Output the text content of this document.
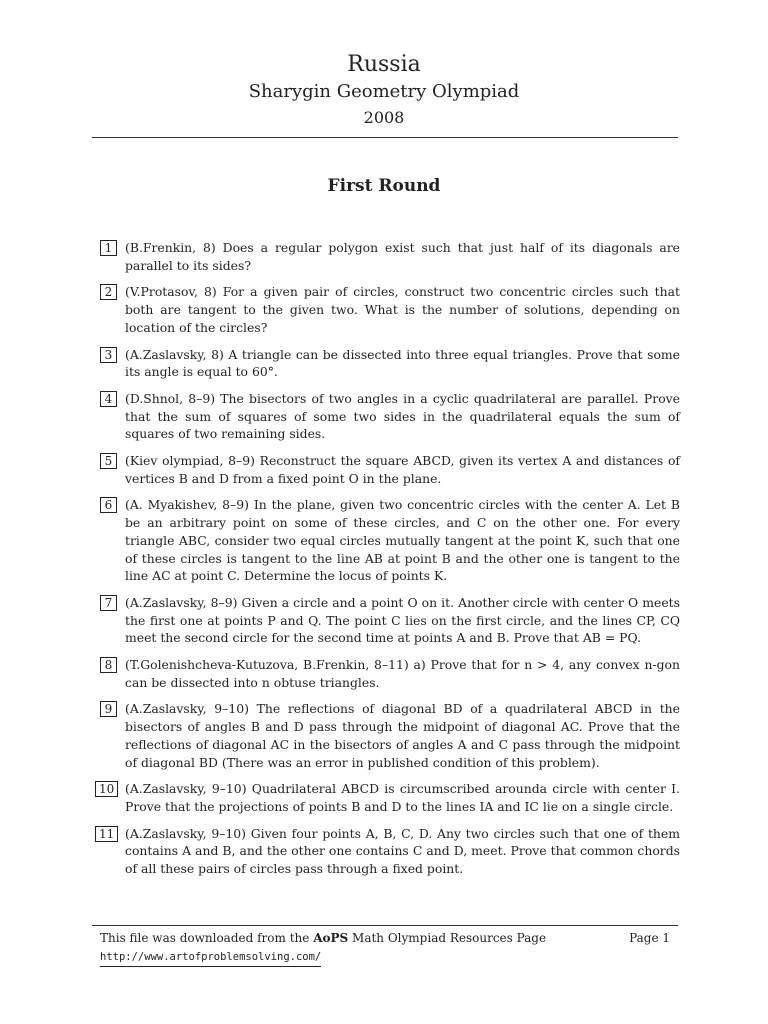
Russia
Sharygin Geometry Olympiad
2008
First Round
1	(B.Frenkin, 8) Does a regular polygon exist such that just half of its diagonals are parallel to its sides?
2	(V.Protasov, 8) For a given pair of circles, construct two concentric circles such that both are tangent to the given two. What is the number of solutions, depending on location of the circles?
3	(A.Zaslavsky, 8) A triangle can be dissected into three equal triangles. Prove that some its angle is equal to 60°.
4	(D.Shnol, 8–9) The bisectors of two angles in a cyclic quadrilateral are parallel. Prove that the sum of squares of some two sides in the quadrilateral equals the sum of squares of two remaining sides.
5	(Kiev olympiad, 8–9) Reconstruct the square ABCD, given its vertex A and distances of vertices B and D from a fixed point O in the plane.
6	(A. Myakishev, 8–9) In the plane, given two concentric circles with the center A. Let B be an arbitrary point on some of these circles, and C on the other one. For every triangle ABC, consider two equal circles mutually tangent at the point K, such that one of these circles is tangent to the line AB at point B and the other one is tangent to the line AC at point C. Determine the locus of points K.
7	(A.Zaslavsky, 8–9) Given a circle and a point O on it. Another circle with center O meets the first one at points P and Q. The point C lies on the first circle, and the lines CP, CQ meet the second circle for the second time at points A and B. Prove that AB = PQ.
8	(T.Golenishcheva-Kutuzova, B.Frenkin, 8–11) a) Prove that for n > 4, any convex n-gon can be dissected into n obtuse triangles.
9	(A.Zaslavsky, 9–10) The reflections of diagonal BD of a quadrilateral ABCD in the bisectors of angles B and D pass through the midpoint of diagonal AC. Prove that the reflections of diagonal AC in the bisectors of angles A and C pass through the midpoint of diagonal BD (There was an error in published condition of this problem).
10 (A.Zaslavsky, 9–10) Quadrilateral ABCD is circumscribed arounda circle with center I. Prove that the projections of points B and D to the lines IA and IC lie on a single circle.
11 (A.Zaslavsky, 9–10) Given four points A, B, C, D. Any two circles such that one of them contains A and B, and the other one contains C and D, meet. Prove that common chords of all these pairs of circles pass through a fixed point.
This file was downloaded from the AoPS Math Olympiad Resources Page
http://www.artofproblemsolving.com/
Page 1
